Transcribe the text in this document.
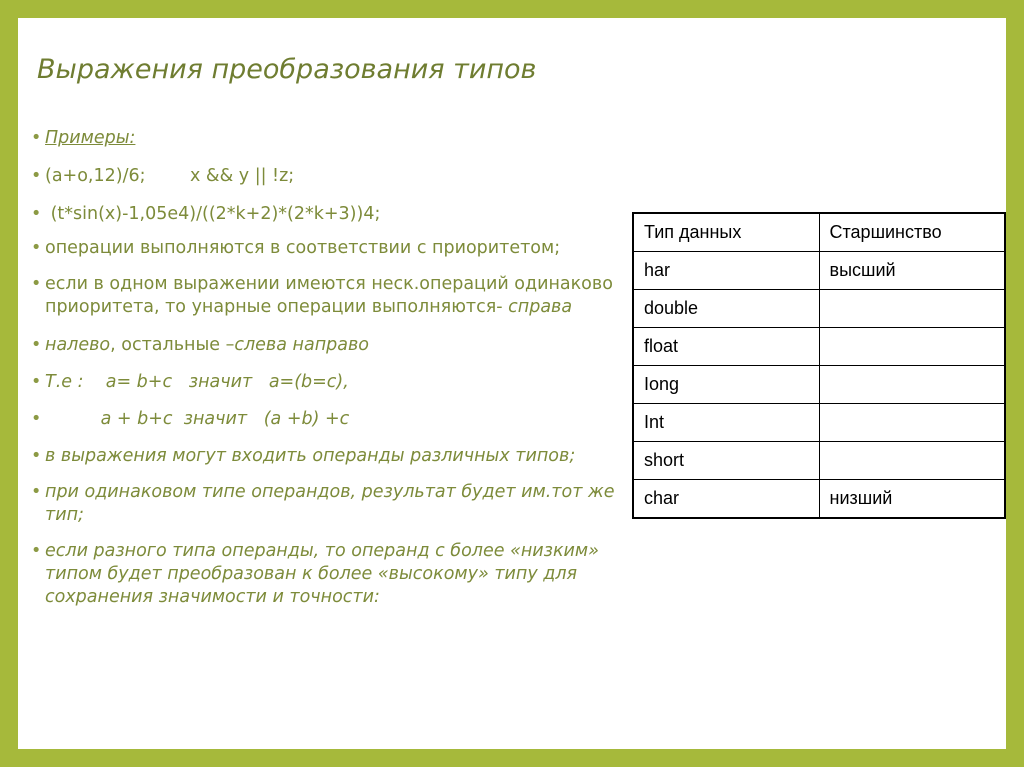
Выражения преобразования типов
• Примеры:
• (а+о,12)/6;        х && у || !z;
•  (t*sin(x)-1,05e4)/((2*k+2)*(2*k+3))4;
• операции выполняются в соответствии с приоритетом;
• если в одном выражении имеются неск.операций одинаково приоритета, то унарные операции выполняются- справа
• налево, остальные –слева направо
• Т.е :    а= b+c   значит   а=(b=c),
•           а + b+c  значит   (а +b) +c
• в выражения могут входить операнды различных типов;
• при одинаковом типе операндов, результат будет им.тот же тип;
• если разного типа операнды, то операнд с более «низким» типом будет преобразован к более «высокому» типу для сохранения значимости и точности:
Тип данных	Старшинство
har	высший
double	
float	
Iong	
Int	
short	
char	низший
